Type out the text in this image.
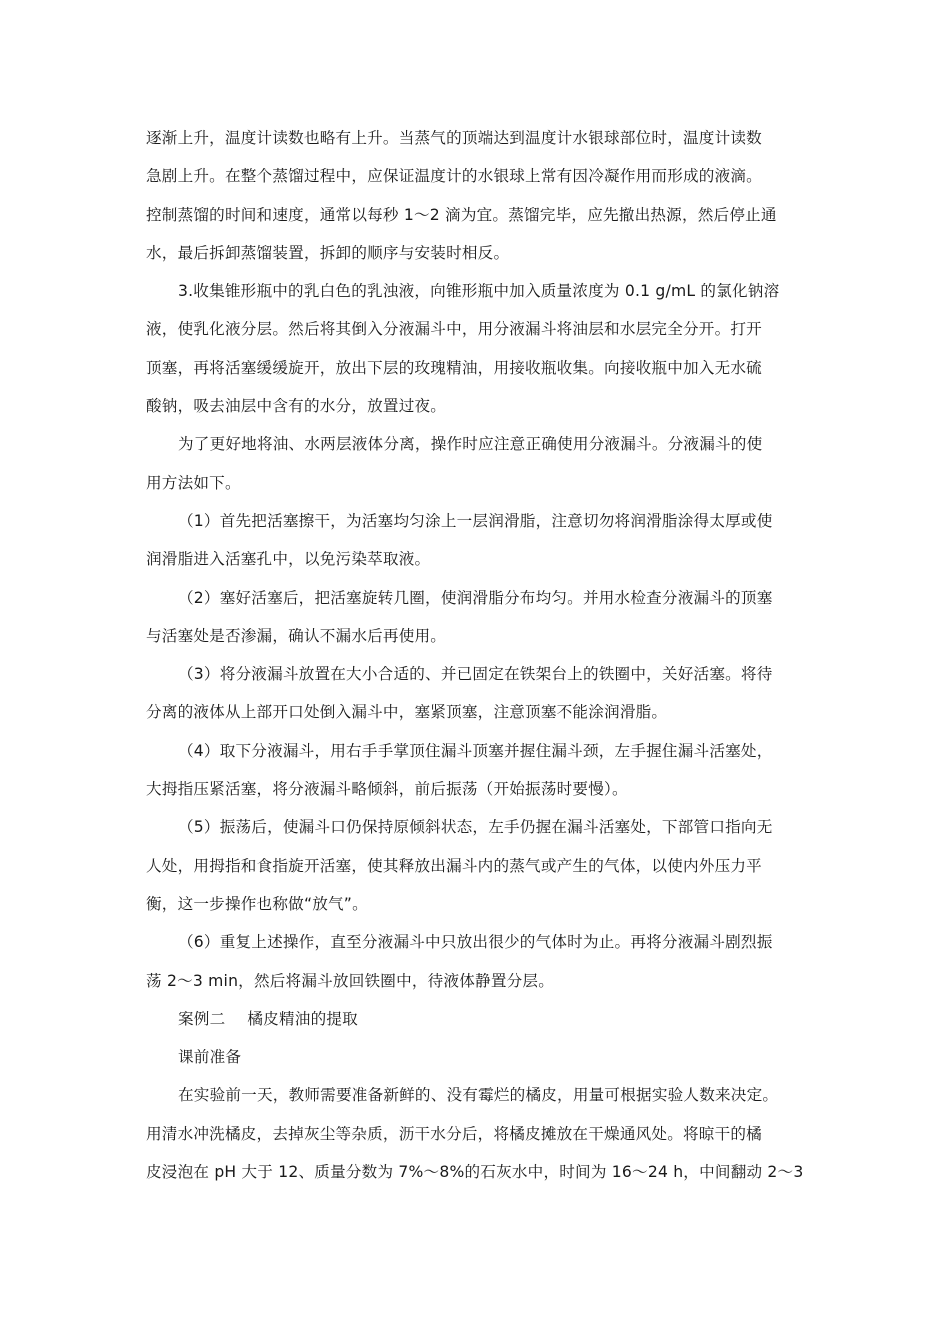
逐渐上升，温度计读数也略有上升。当蒸气的顶端达到温度计水银球部位时，温度计读数
急剧上升。在整个蒸馏过程中，应保证温度计的水银球上常有因冷凝作用而形成的液滴。
控制蒸馏的时间和速度，通常以每秒 1～2 滴为宜。蒸馏完毕，应先撤出热源，然后停止通
水，最后拆卸蒸馏装置，拆卸的顺序与安装时相反。
3.收集锥形瓶中的乳白色的乳浊液，向锥形瓶中加入质量浓度为 0.1 g/mL 的氯化钠溶
液，使乳化液分层。然后将其倒入分液漏斗中，用分液漏斗将油层和水层完全分开。打开
顶塞，再将活塞缓缓旋开，放出下层的玫瑰精油，用接收瓶收集。向接收瓶中加入无水硫
酸钠，吸去油层中含有的水分，放置过夜。
为了更好地将油、水两层液体分离，操作时应注意正确使用分液漏斗。分液漏斗的使
用方法如下。
（1）首先把活塞擦干，为活塞均匀涂上一层润滑脂，注意切勿将润滑脂涂得太厚或使
润滑脂进入活塞孔中，以免污染萃取液。
（2）塞好活塞后，把活塞旋转几圈，使润滑脂分布均匀。并用水检查分液漏斗的顶塞
与活塞处是否渗漏，确认不漏水后再使用。
（3）将分液漏斗放置在大小合适的、并已固定在铁架台上的铁圈中，关好活塞。将待
分离的液体从上部开口处倒入漏斗中，塞紧顶塞，注意顶塞不能涂润滑脂。
（4）取下分液漏斗，用右手手掌顶住漏斗顶塞并握住漏斗颈，左手握住漏斗活塞处，
大拇指压紧活塞，将分液漏斗略倾斜，前后振荡（开始振荡时要慢）。
（5）振荡后，使漏斗口仍保持原倾斜状态，左手仍握在漏斗活塞处，下部管口指向无
人处，用拇指和食指旋开活塞，使其释放出漏斗内的蒸气或产生的气体，以使内外压力平
衡，这一步操作也称做“放气”。
（6）重复上述操作，直至分液漏斗中只放出很少的气体时为止。再将分液漏斗剧烈振
荡 2～3 min，然后将漏斗放回铁圈中，待液体静置分层。
案例二 橘皮精油的提取
课前准备
在实验前一天，教师需要准备新鲜的、没有霉烂的橘皮，用量可根据实验人数来决定。
用清水冲洗橘皮，去掉灰尘等杂质，沥干水分后，将橘皮摊放在干燥通风处。将晾干的橘
皮浸泡在 pH 大于 12、质量分数为 7%～8%的石灰水中，时间为 16～24 h，中间翻动 2～3
